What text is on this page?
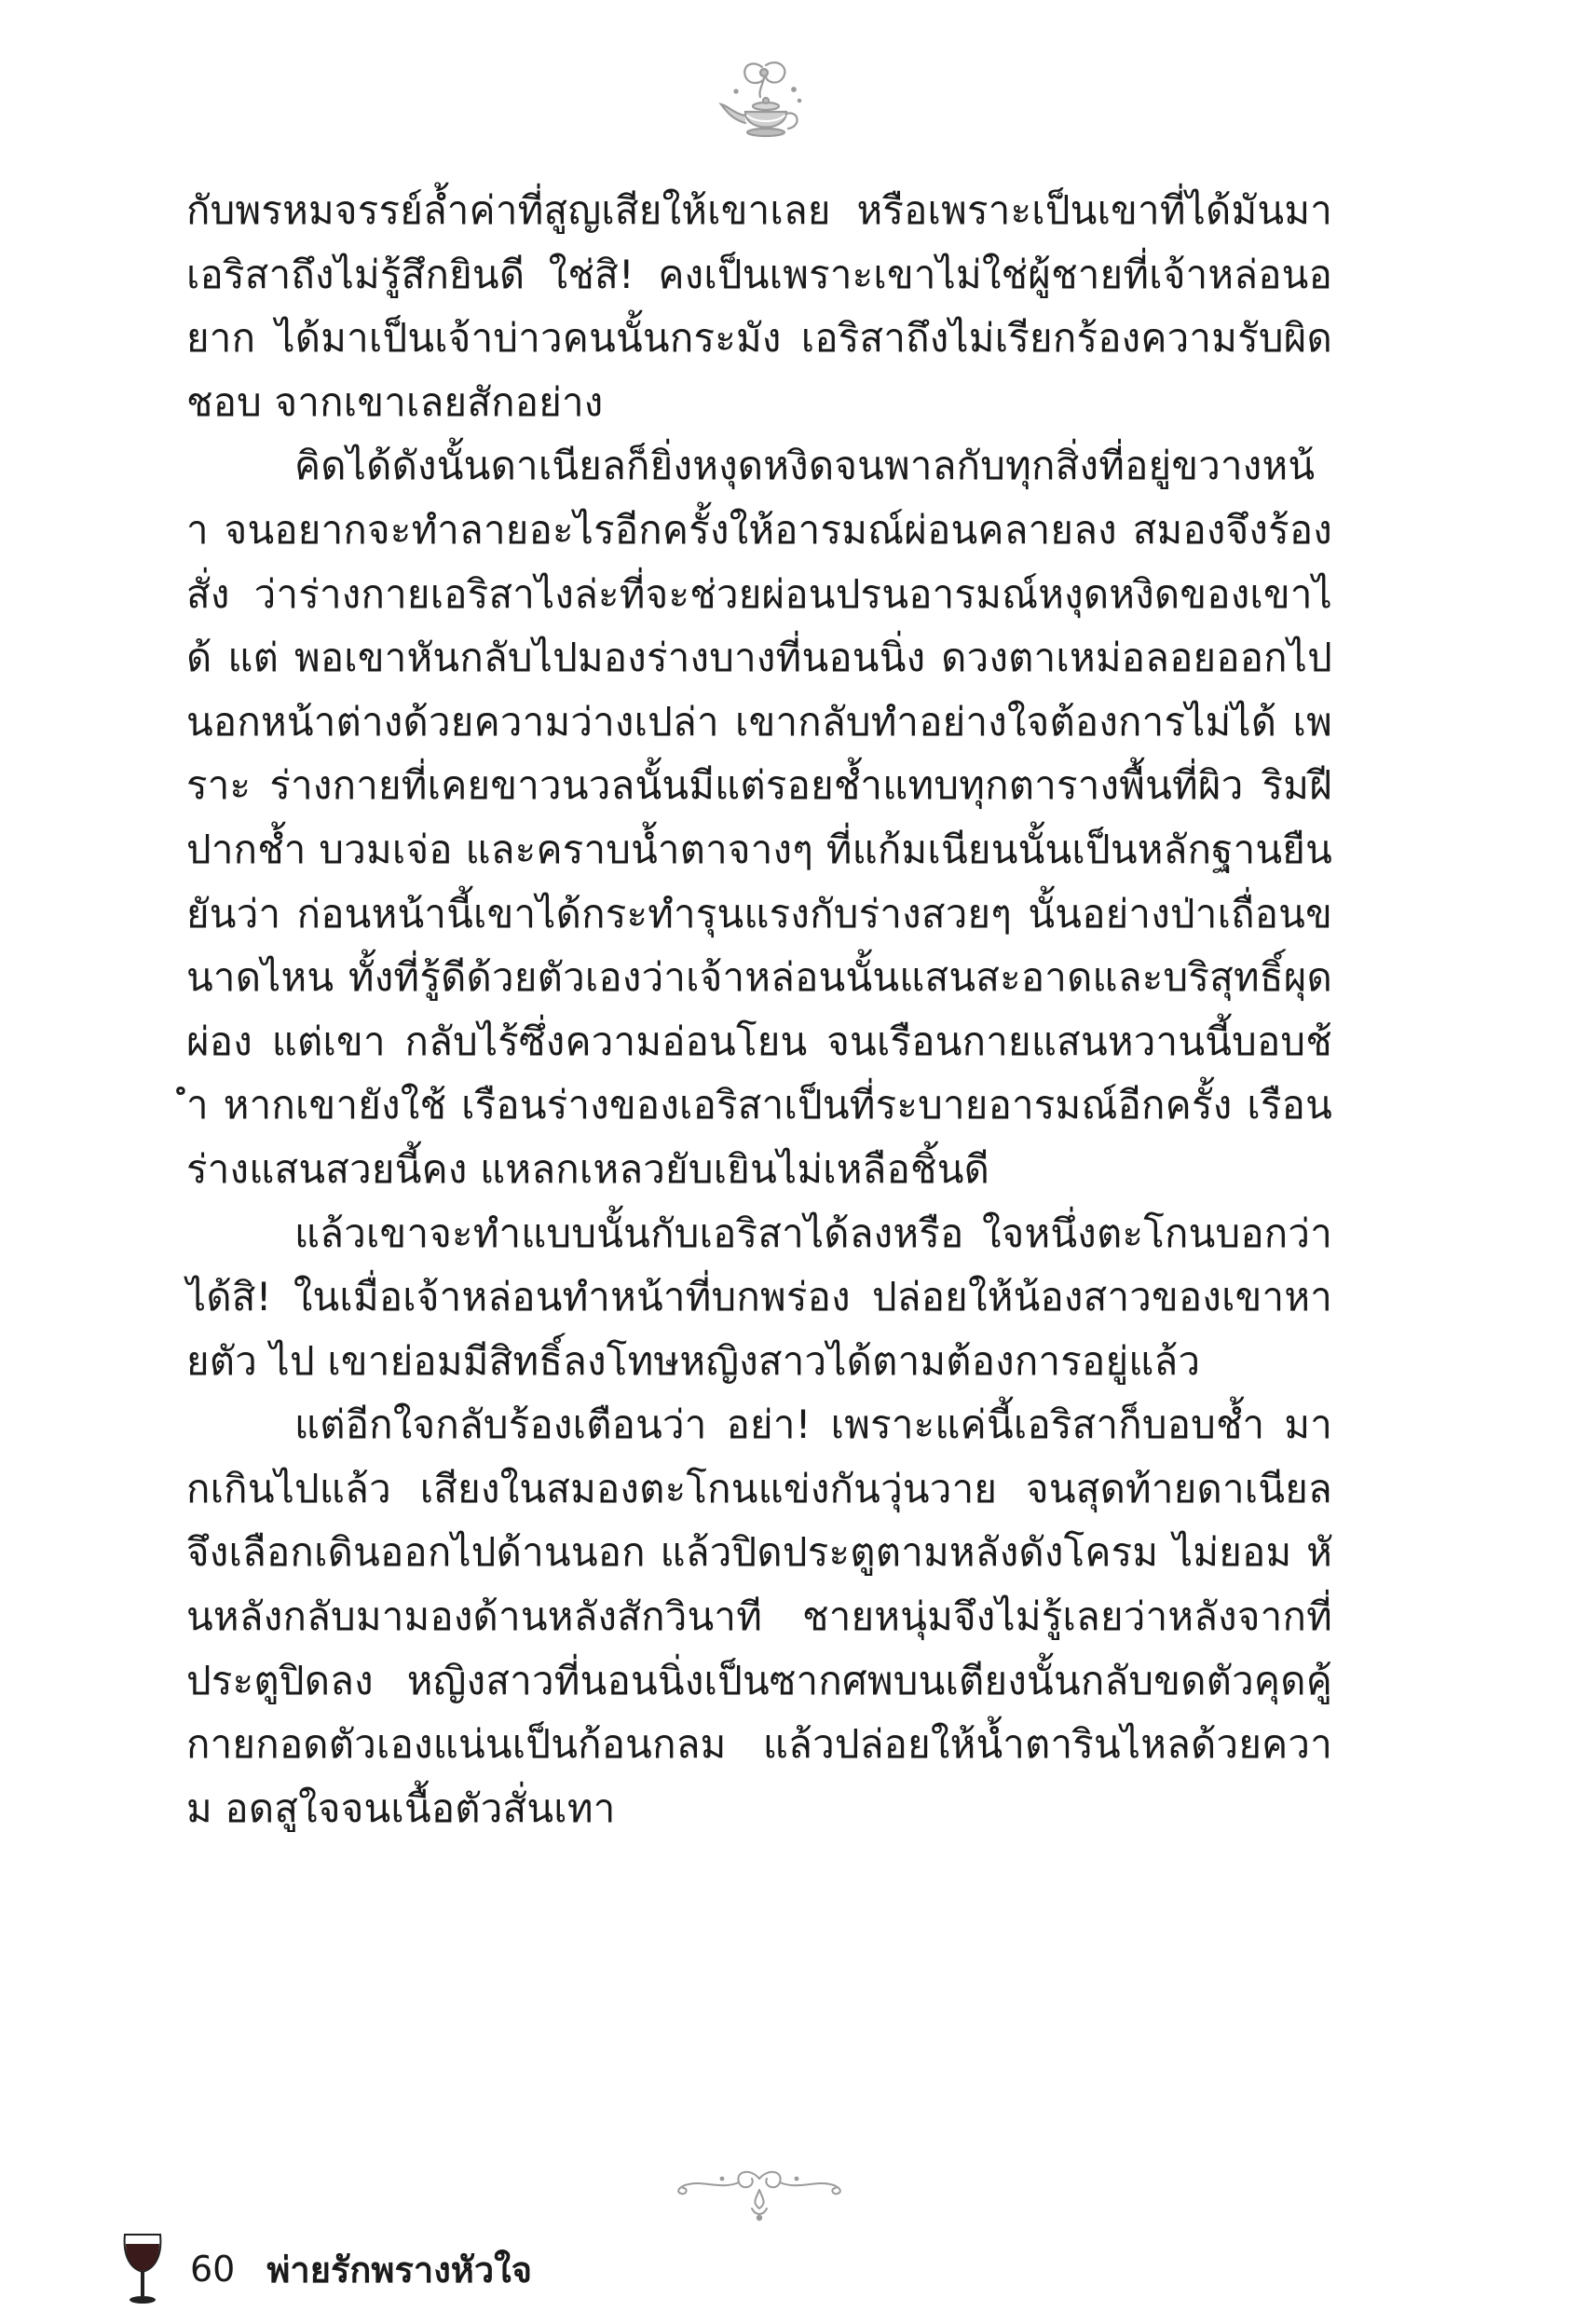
กับพรหมจรรย์ล้ำค่าที่สูญเสียให้เขาเลย หรือเพราะเป็นเขาที่ได้มันมา เอริสาถึงไม่รู้สึกยินดี ใช่สิ! คงเป็นเพราะเขาไม่ใช่ผู้ชายที่เจ้าหล่อนอยาก ได้มาเป็นเจ้าบ่าวคนนั้นกระมัง เอริสาถึงไม่เรียกร้องความรับผิดชอบ จากเขาเลยสักอย่าง

คิดได้ดังนั้นดาเนียลก็ยิ่งหงุดหงิดจนพาลกับทุกสิ่งที่อยู่ขวางหน้า จนอยากจะทำลายอะไรอีกครั้งให้อารมณ์ผ่อนคลายลง สมองจึงร้องสั่ง ว่าร่างกายเอริสาไงล่ะที่จะช่วยผ่อนปรนอารมณ์หงุดหงิดของเขาได้ แต่ พอเขาหันกลับไปมองร่างบางที่นอนนิ่ง ดวงตาเหม่อลอยออกไป นอกหน้าต่างด้วยความว่างเปล่า เขากลับทำอย่างใจต้องการไม่ได้ เพราะ ร่างกายที่เคยขาวนวลนั้นมีแต่รอยช้ำแทบทุกตารางพื้นที่ผิว ริมฝีปากช้ำ บวมเจ่อ และคราบน้ำตาจางๆ ที่แก้มเนียนนั้นเป็นหลักฐานยืนยันว่า ก่อนหน้านี้เขาได้กระทำรุนแรงกับร่างสวยๆ นั้นอย่างป่าเถื่อนขนาดไหน ทั้งที่รู้ดีด้วยตัวเองว่าเจ้าหล่อนนั้นแสนสะอาดและบริสุทธิ์ผุดผ่อง แต่เขา กลับไร้ซึ่งความอ่อนโยน จนเรือนกายแสนหวานนี้บอบช้ำ หากเขายังใช้ เรือนร่างของเอริสาเป็นที่ระบายอารมณ์อีกครั้ง เรือนร่างแสนสวยนี้คง แหลกเหลวยับเยินไม่เหลือชิ้นดี

แล้วเขาจะทำแบบนั้นกับเอริสาได้ลงหรือ ใจหนึ่งตะโกนบอกว่า ได้สิ! ในเมื่อเจ้าหล่อนทำหน้าที่บกพร่อง ปล่อยให้น้องสาวของเขาหายตัว ไป เขาย่อมมีสิทธิ์ลงโทษหญิงสาวได้ตามต้องการอยู่แล้ว

แต่อีกใจกลับร้องเตือนว่า อย่า! เพราะแค่นี้เอริสาก็บอบช้ำ มากเกินไปแล้ว เสียงในสมองตะโกนแข่งกันวุ่นวาย จนสุดท้ายดาเนียล จึงเลือกเดินออกไปด้านนอก แล้วปิดประตูตามหลังดังโครม ไม่ยอม หันหลังกลับมามองด้านหลังสักวินาที ชายหนุ่มจึงไม่รู้เลยว่าหลังจากที่ ประตูปิดลง หญิงสาวที่นอนนิ่งเป็นซากศพบนเตียงนั้นกลับขดตัวคุดคู้ กายกอดตัวเองแน่นเป็นก้อนกลม แล้วปล่อยให้น้ำตารินไหลด้วยความ อดสูใจจนเนื้อตัวสั่นเทา

60 พ่ายรักพรางหัวใจ
